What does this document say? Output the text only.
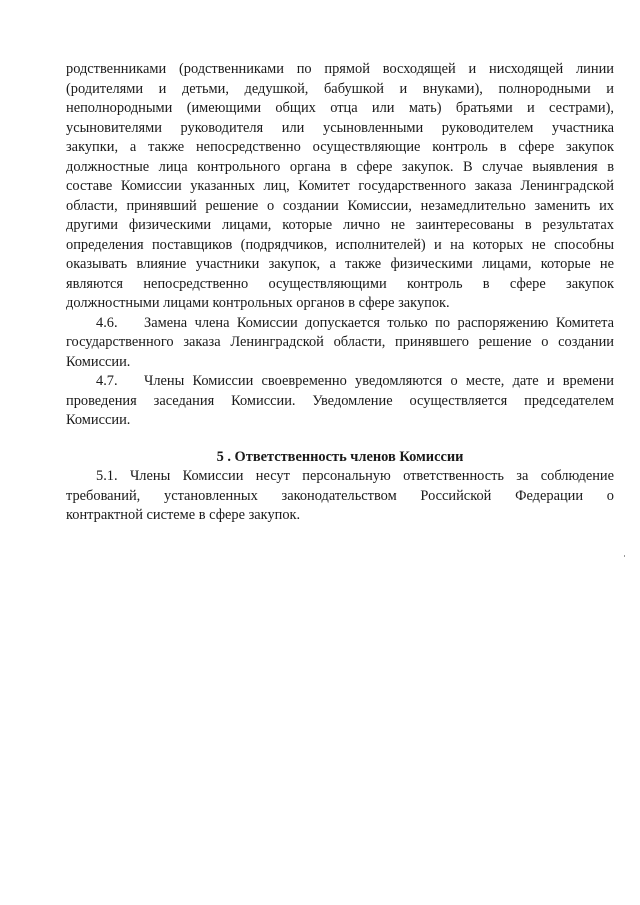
родственниками (родственниками по прямой восходящей и нисходящей линии
(родителями и детьми, дедушкой, бабушкой и внуками), полнородными и
неполнородными (имеющими общих отца или мать) братьями и сестрами),
усыновителями руководителя или усыновленными руководителем участника
закупки, а также непосредственно осуществляющие контроль в сфере закупок
должностные лица контрольного органа в сфере закупок. В случае выявления в
составе Комиссии указанных лиц, Комитет государственного заказа Ленинградской
области, принявший решение о создании Комиссии, незамедлительно заменить их
другими физическими лицами, которые лично не заинтересованы в результатах
определения поставщиков (подрядчиков, исполнителей) и на которых не способны
оказывать влияние участники закупок, а также физическими лицами, которые не
являются непосредственно осуществляющими контроль в сфере закупок
должностными лицами контрольных органов в сфере закупок.
4.6. Замена члена Комиссии допускается только по распоряжению Комитета
государственного заказа Ленинградской области, принявшего решение о создании
Комиссии.
4.7. Члены Комиссии своевременно уведомляются о месте, дате и времени
проведения заседания Комиссии. Уведомление осуществляется председателем
Комиссии.
5 . Ответственность членов Комиссии
5.1. Члены Комиссии несут персональную ответственность за соблюдение
требований, установленных законодательством Российской Федерации о
контрактной системе в сфере закупок.
